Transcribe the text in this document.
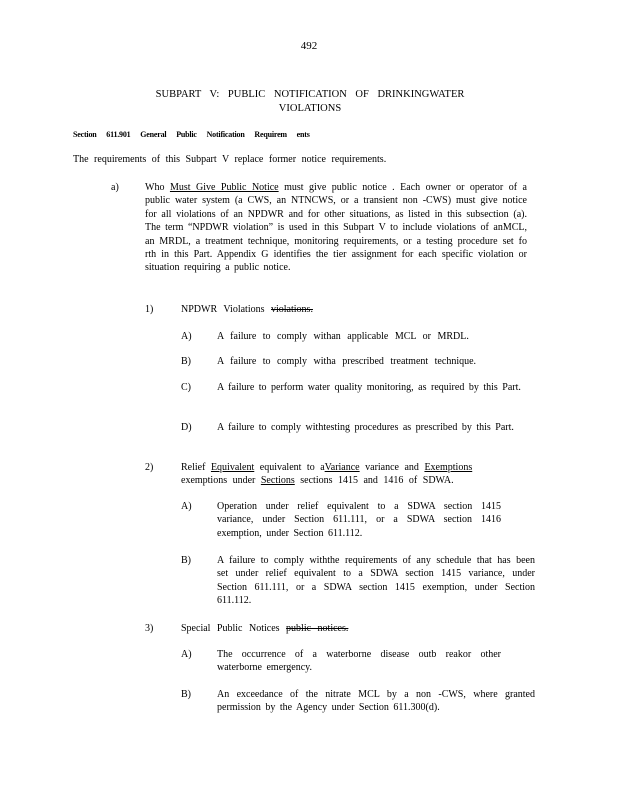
492
SUBPART V: PUBLIC NOTIFICATION OF DRINKINGWATER
VIOLATIONS
Section 611.901 General Public Notification Requirem ents
The requirements of this Subpart V replace former notice requirements.
a)	Who Must Give Public Notice must give public notice . Each owner or operator of a public water system (a CWS, an NTNCWS, or a transient non -CWS) must give notice for all violations of an NPDWR and for other situations, as listed in this subsection (a). The term “NPDWR violation” is used in this Subpart V to include violations of anMCL, an MRDL, a treatment technique, monitoring requirements, or a testing procedure set fo rth in this Part. Appendix G identifies the tier assignment for each specific violation or situation requiring a public notice.
1)	NPDWR Violations violations.
A)	A failure to comply withan applicable MCL or MRDL.
B)	A failure to comply witha prescribed treatment technique.
C)	A failure to perform water quality monitoring, as required by this Part.
D)	A failure to comply withtesting procedures as prescribed by this Part.
2)	Relief Equivalent equivalent to aVariance variance and Exemptions exemptions under Sections sections 1415 and 1416 of SDWA.
A)	Operation under relief equivalent to a SDWA section 1415 variance, under Section 611.111, or a SDWA section 1416 exemption, under Section 611.112.
B)	A failure to comply withthe requirements of any schedule that has been set under relief equivalent to a SDWA section 1415 variance, under Section 611.111, or a SDWA section 1415 exemption, under Section 611.112.
3)	Special Public Notices public notices.
A)	The occurrence of a waterborne disease outb reakor other waterborne emergency.
B)	An exceedance of the nitrate MCL by a non -CWS, where granted permission by the Agency under Section 611.300(d).
